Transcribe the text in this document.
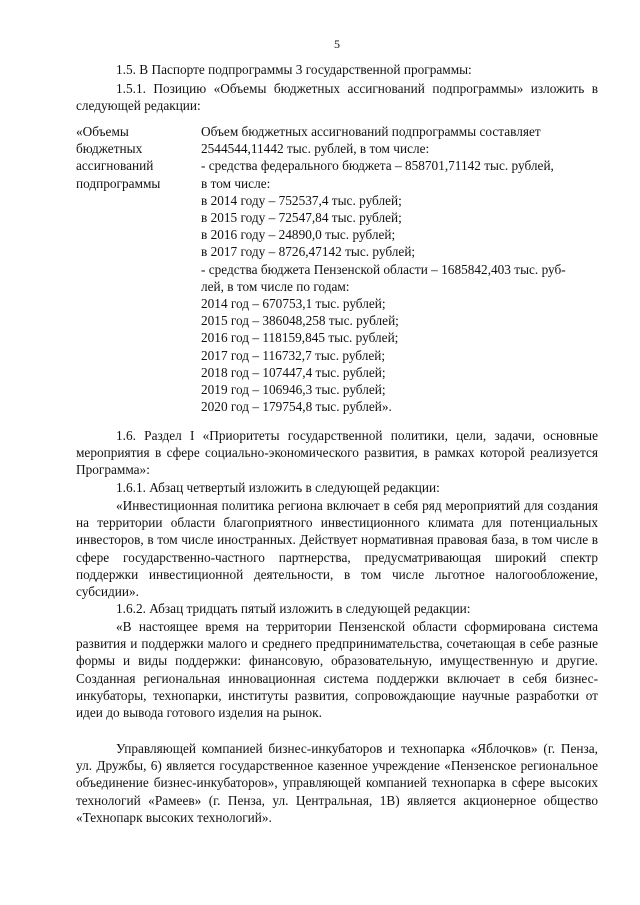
5

1.5. В Паспорте подпрограммы 3 государственной программы:

1.5.1. Позицию «Объемы бюджетных ассигнований подпрограммы» изложить в следующей редакции:

«Объемы
бюджетных
ассигнований
подпрограммы
Объем бюджетных ассигнований подпрограммы составляет
2544544,11442 тыс. рублей, в том числе:
- средства федерального бюджета – 858701,71142 тыс. рублей,
в том числе:
в 2014 году – 752537,4 тыс. рублей;
в 2015 году – 72547,84 тыс. рублей;
в 2016 году – 24890,0 тыс. рублей;
в 2017 году – 8726,47142 тыс. рублей;
- средства бюджета Пензенской области – 1685842,403 тыс. руб-
лей, в том числе по годам:
2014 год – 670753,1 тыс. рублей;
2015 год – 386048,258 тыс. рублей;
2016 год – 118159,845 тыс. рублей;
2017 год – 116732,7 тыс. рублей;
2018 год – 107447,4 тыс. рублей;
2019 год – 106946,3 тыс. рублей;
2020 год – 179754,8 тыс. рублей».

1.6. Раздел I «Приоритеты государственной политики, цели, задачи, основные мероприятия в сфере социально-экономического развития, в рамках которой реализуется Программа»:

1.6.1. Абзац четвертый изложить в следующей редакции:

«Инвестиционная политика региона включает в себя ряд мероприятий для создания на территории области благоприятного инвестиционного климата для потенциальных инвесторов, в том числе иностранных. Действует нормативная правовая база, в том числе в сфере государственно-частного партнерства, предусматривающая широкий спектр поддержки инвестиционной деятельности, в том числе льготное налогообложение, субсидии».

1.6.2. Абзац тридцать пятый изложить в следующей редакции:

«В настоящее время на территории Пензенской области сформирована система развития и поддержки малого и среднего предпринимательства, сочетающая в себе разные формы и виды поддержки: финансовую, образовательную, имущественную и другие. Созданная региональная инновационная система поддержки включает в себя бизнес-инкубаторы, технопарки, институты развития, сопровождающие научные разработки от идеи до вывода готового изделия на рынок.

Управляющей компанией бизнес-инкубаторов и технопарка «Яблочков» (г. Пенза, ул. Дружбы, 6) является государственное казенное учреждение «Пензенское региональное объединение бизнес-инкубаторов», управляющей компанией технопарка в сфере высоких технологий «Рамеев» (г. Пенза, ул. Центральная, 1В) является акционерное общество «Технопарк высоких технологий».
